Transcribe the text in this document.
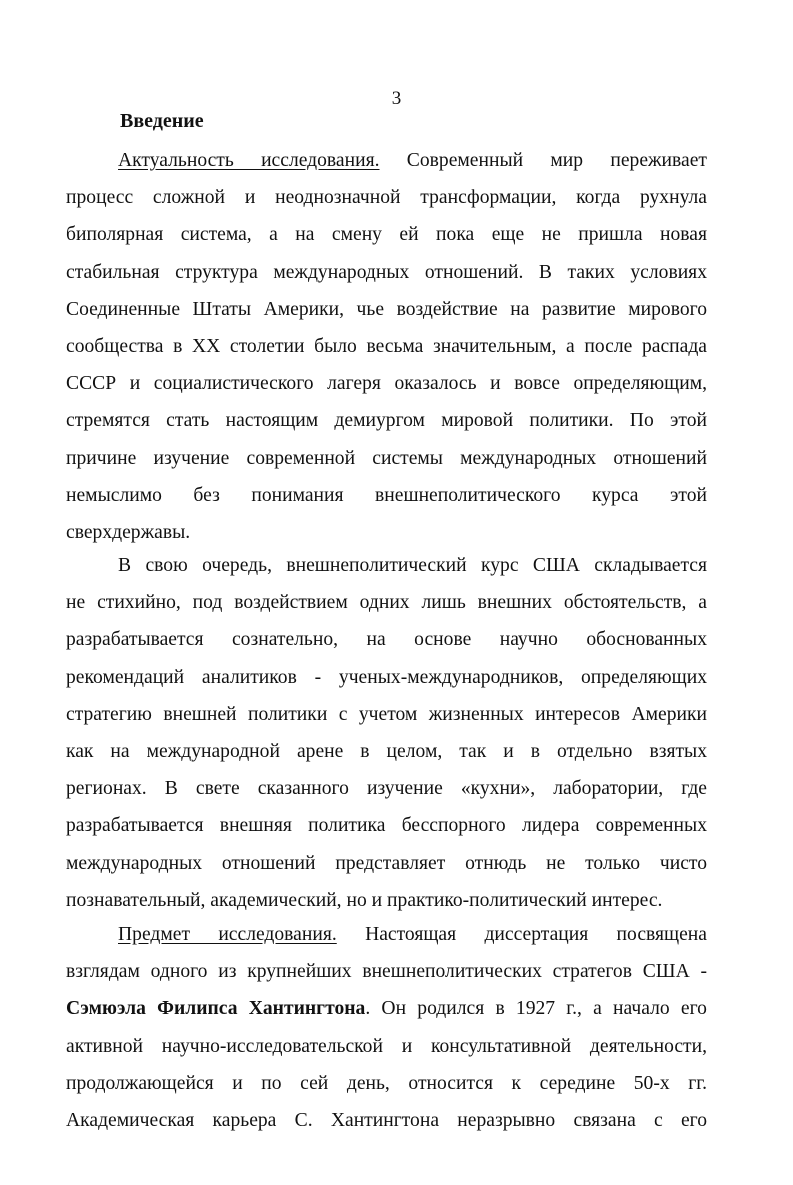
3
Введение
Актуальность исследования. Современный мир переживает
процесс сложной и неоднозначной трансформации, когда рухнула
биполярная система, а на смену ей пока еще не пришла новая
стабильная структура международных отношений. В таких условиях
Соединенные Штаты Америки, чье воздействие на развитие мирового
сообщества в XX столетии было весьма значительным, а после распада
СССР и социалистического лагеря оказалось и вовсе определяющим,
стремятся стать настоящим демиургом мировой политики. По этой
причине изучение современной системы международных отношений
немыслимо без понимания внешнеполитического курса этой
сверхдержавы.
В свою очередь, внешнеполитический курс США складывается
не стихийно, под воздействием одних лишь внешних обстоятельств, а
разрабатывается сознательно, на основе научно обоснованных
рекомендаций аналитиков - ученых-международников, определяющих
стратегию внешней политики с учетом жизненных интересов Америки
как на международной арене в целом, так и в отдельно взятых
регионах. В свете сказанного изучение «кухни», лаборатории, где
разрабатывается внешняя политика бесспорного лидера современных
международных отношений представляет отнюдь не только чисто
познавательный, академический, но и практико-политический интерес.
Предмет исследования. Настоящая диссертация посвящена
взглядам одного из крупнейших внешнеполитических стратегов США -
Сэмюэла Филипса Хантингтона. Он родился в 1927 г., а начало его
активной научно-исследовательской и консультативной деятельности,
продолжающейся и по сей день, относится к середине 50-х гг.
Академическая карьера С. Хантингтона неразрывно связана с его
